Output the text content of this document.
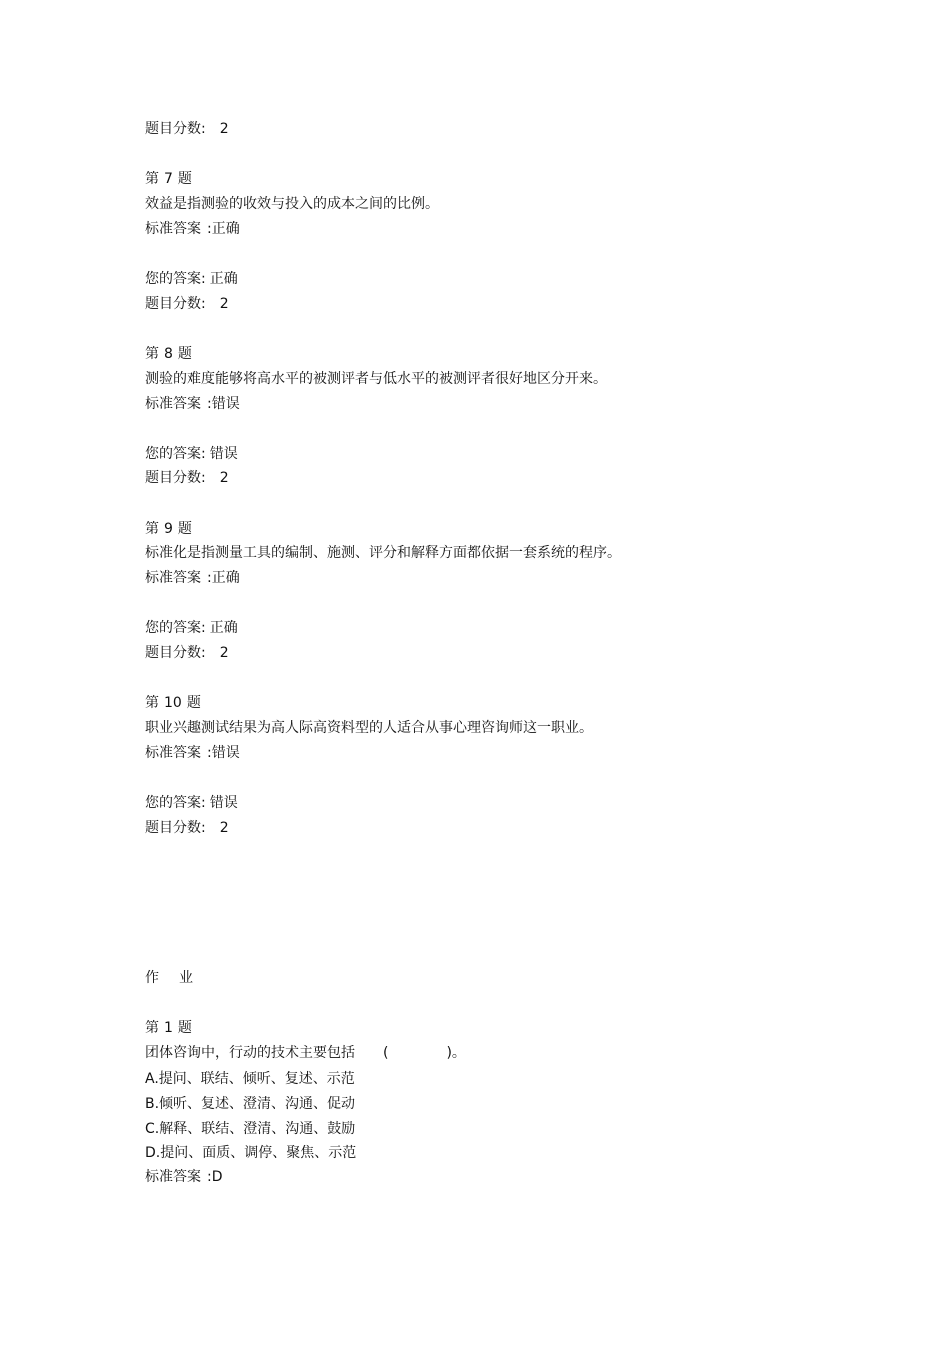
题目分数: 2
第 7 题
效益是指测验的收效与投入的成本之间的比例。
标准答案 :正确
您的答案: 正确
题目分数: 2
第 8 题
测验的难度能够将高水平的被测评者与低水平的被测评者很好地区分开来。
标准答案 :错误
您的答案: 错误
题目分数: 2
第 9 题
标准化是指测量工具的编制、施测、评分和解释方面都依据一套系统的程序。
标准答案 :正确
您的答案: 正确
题目分数: 2
第 10 题
职业兴趣测试结果为高人际高资料型的人适合从事心理咨询师这一职业。
标准答案 :错误
您的答案: 错误
题目分数: 2
作 业
第 1 题
团体咨询中，行动的技术主要包括 (	)。
A.提问、联结、倾听、复述、示范
B.倾听、复述、澄清、沟通、促动
C.解释、联结、澄清、沟通、鼓励
D.提问、面质、调停、聚焦、示范
标准答案 :D
